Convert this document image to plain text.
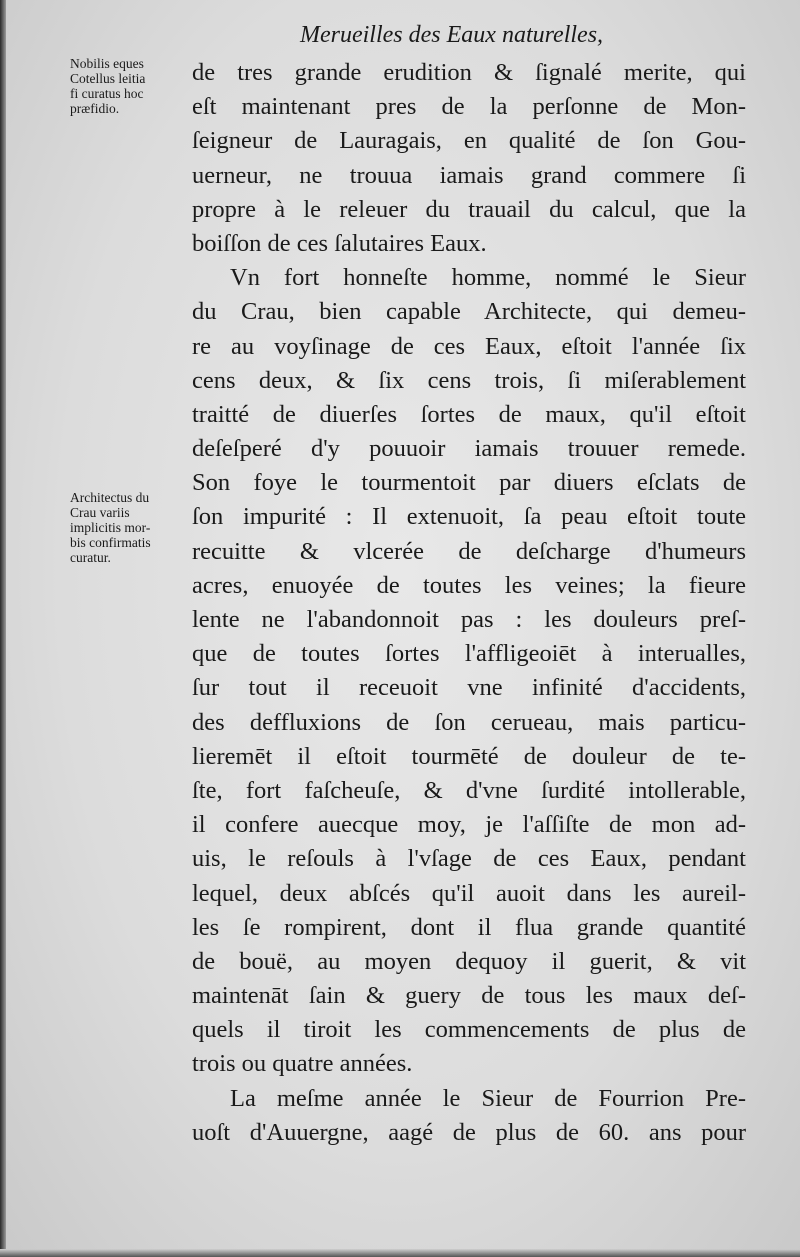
Merueilles des Eaux naturelles,
Nobilis eques
Cotellus leitia
fi curatus hoc
præfidio.
Architectus du
Crau variis
implicitis mor-
bis confirmatis
curatur.
de tres grande erudition & ſignalé merite, qui
eſt maintenant pres de la perſonne de Mon-
ſeigneur de Lauragais, en qualité de ſon Gou-
uerneur, ne trouua iamais grand commere ſi
propre à le releuer du trauail du calcul, que la
boiſſon de ces ſalutaires Eaux.
Vn fort honneſte homme, nommé le Sieur
du Crau, bien capable Architecte, qui demeu-
re au voyſinage de ces Eaux, eſtoit l'année ſix
cens deux, & ſix cens trois, ſi miſerablement
traitté de diuerſes ſortes de maux, qu'il eſtoit
deſeſperé d'y pouuoir iamais trouuer remede.
Son foye le tourmentoit par diuers eſclats de
ſon impurité : Il extenuoit, ſa peau eſtoit toute
recuitte & vlcerée de deſcharge d'humeurs
acres, enuoyée de toutes les veines; la fieure
lente ne l'abandonnoit pas : les douleurs preſ-
que de toutes ſortes l'affligeoiēt à interualles,
ſur tout il receuoit vne infinité d'accidents,
des deffluxions de ſon cerueau, mais particu-
lieremēt il eſtoit tourmēté de douleur de te-
ſte, fort faſcheuſe, & d'vne ſurdité intollerable,
il confere auecque moy, je l'aſſiſte de mon ad-
uis, le reſouls à l'vſage de ces Eaux, pendant
lequel, deux abſcés qu'il auoit dans les aureil-
les ſe rompirent, dont il flua grande quantité
de bouë, au moyen dequoy il guerit, & vit
maintenāt ſain & guery de tous les maux deſ-
quels il tiroit les commencements de plus de
trois ou quatre années.
La meſme année le Sieur de Fourrion Pre-
uoſt d'Auuergne, aagé de plus de 60. ans pour
